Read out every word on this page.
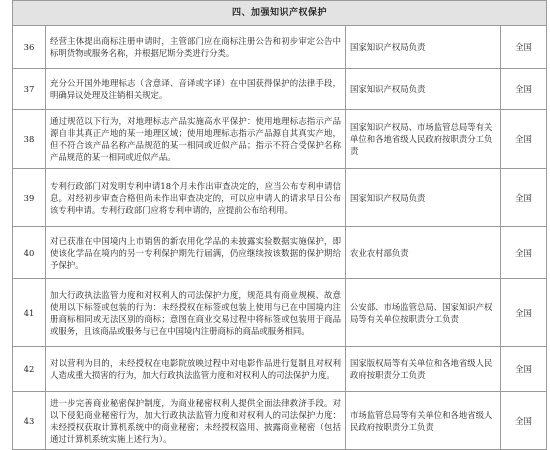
四、加强知识产权保护			
36	经营主体提出商标注册申请时，主管部门应在商标注册公告和初步审定公告中标明货物或服务名称，并根据尼斯分类进行分类。	国家知识产权局负责	全国
37	充分公开国外地理标志（含意译、音译或字译）在中国获得保护的法律手段，明确异议处理及注销相关规定。	国家知识产权局负责	全国
38	通过规范以下行为，对地理标志产品实施高水平保护：使用地理标志指示产品源自非其真正产地的某一地理区域；使用地理标志指示产品源自其真实产地，但不符合该产品名称产品规范的某一相同或近似产品；指示不符合受保护名称产品规范的某一相同或近似产品。	国家知识产权局、市场监管总局等有关单位和各地省级人民政府按职责分工负责	全国
39	专利行政部门对发明专利申请18个月未作出审查决定的，应当公布专利申请信息。对经初步审查合格但尚未作出审查决定的，可以应申请人的请求早日公布该专利申请。专利行政部门应将专利申请的，应提前公布给利用。	国家知识产权局负责	全国
40	对已获准在中国境内上市销售的新农用化学品的未披露实验数据实施保护，即使该化学品在境内的另一专利保护期先行届满，仍应继续按该数据的保护期给予保护。	农业农村部负责	全国
41	加大行政执法监管力度和对权利人的司法保护力度，规范具有商业规模、故意使用以下标签或包装的行为：未经授权在标签或包装上使用与已在中国境内注册商标相同或无法区别的商标；意图在商业交易过程中将标签或包装用于商品或服务，且该商品或服务与已在中国境内注册商标的商品或服务相同。	公安部、市场监管总局、国家知识产权局等有关单位按职责分工负责	全国
42	对以营利为目的，未经授权在电影院放映过程中对电影作品进行复制且对权利人造成重大损害的行为，加大行政执法监管力度和对权利人的司法保护力度。	国家版权局等有关单位和各地省级人民政府按职责分工负责	全国
43	进一步完善商业秘密保护制度，为商业秘密权利人提供全面法律救济手段。对以下侵犯商业秘密行为，加大行政执法监管力度和对权利人的司法保护力度：未经授权获取计算机系统中的商业秘密；未经授权盗用、披露商业秘密（包括通过计算机系统实施上述行为）。	市场监管总局等有关单位和各地省级人民政府按职责分工负责	全国
